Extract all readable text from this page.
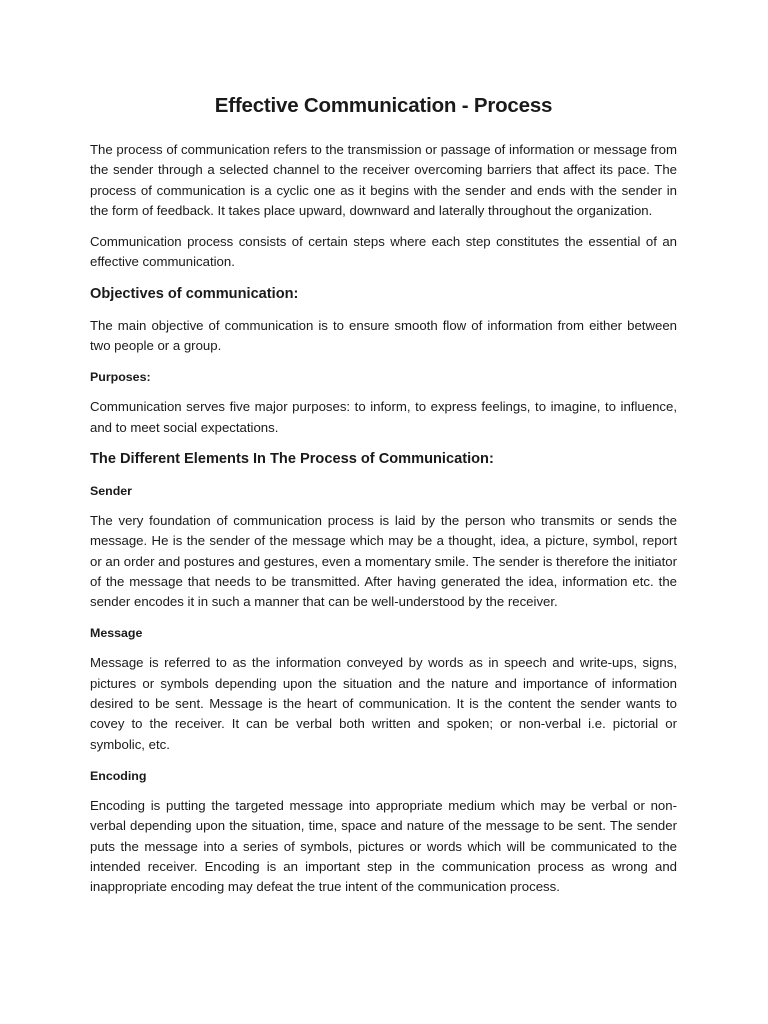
Effective Communication - Process

The process of communication refers to the transmission or passage of information or message from the sender through a selected channel to the receiver overcoming barriers that affect its pace. The process of communication is a cyclic one as it begins with the sender and ends with the sender in the form of feedback. It takes place upward, downward and laterally throughout the organization.

Communication process consists of certain steps where each step constitutes the essential of an effective communication.

Objectives of communication:

The main objective of communication is to ensure smooth flow of information from either between two people or a group.

Purposes:

Communication serves five major purposes: to inform, to express feelings, to imagine, to influence, and to meet social expectations.

The Different Elements In The Process of Communication:
Sender

The very foundation of communication process is laid by the person who transmits or sends the message. He is the sender of the message which may be a thought, idea, a picture, symbol, report or an order and postures and gestures, even a momentary smile. The sender is therefore the initiator of the message that needs to be transmitted. After having generated the idea, information etc. the sender encodes it in such a manner that can be well-understood by the receiver.

Message

Message is referred to as the information conveyed by words as in speech and write-ups, signs, pictures or symbols depending upon the situation and the nature and importance of information desired to be sent. Message is the heart of communication. It is the content the sender wants to covey to the receiver. It can be verbal both written and spoken; or non-verbal i.e. pictorial or symbolic, etc.

Encoding

Encoding is putting the targeted message into appropriate medium which may be verbal or non-verbal depending upon the situation, time, space and nature of the message to be sent. The sender puts the message into a series of symbols, pictures or words which will be communicated to the intended receiver. Encoding is an important step in the communication process as wrong and inappropriate encoding may defeat the true intent of the communication process.
